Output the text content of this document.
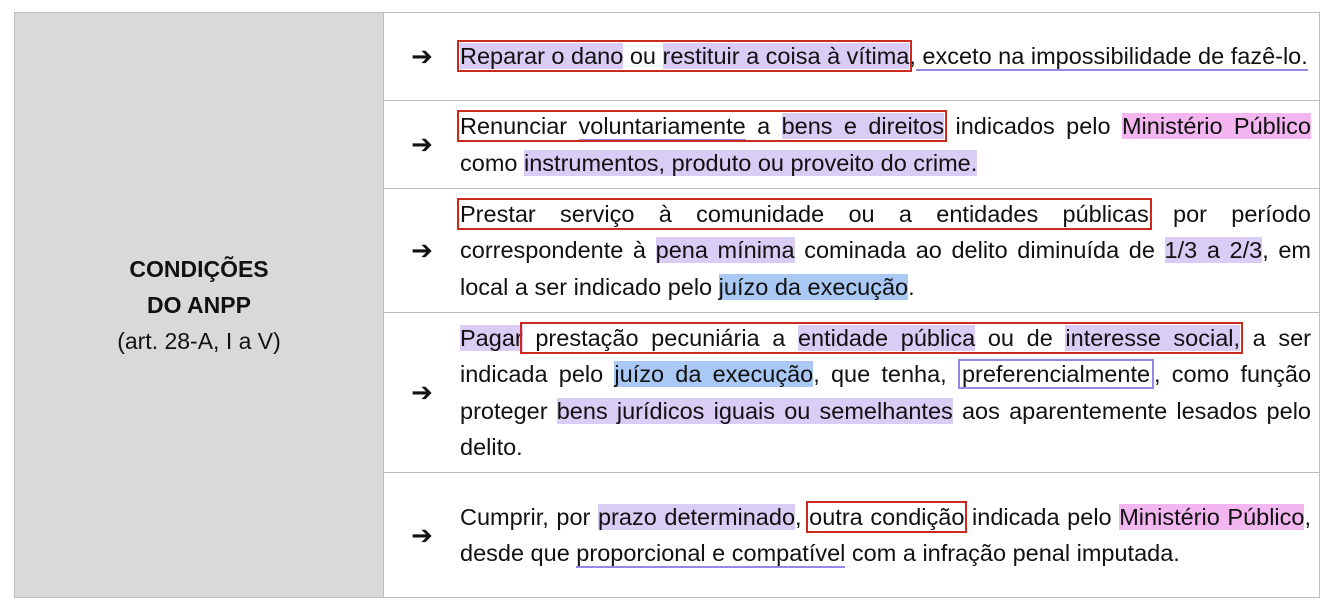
CONDIÇÕES
DO ANPP
(art. 28-A, I a V)
➔	Reparar o dano ou restituir a coisa à vítima, exceto na impossibilidade de fazê-lo.
➔
Renunciar voluntariamente a bens e direitos indicados pelo Ministério Público como instrumentos, produto ou proveito do crime.
➔
Prestar serviço à comunidade ou a entidades públicas por período correspondente à pena mínima cominada ao delito diminuída de 1/3 a 2/3, em local a ser indicado pelo juízo da execução.
➔
Pagar prestação pecuniária a entidade pública ou de interesse social, a ser indicada pelo juízo da execução, que tenha, preferencialmente , como função proteger bens jurídicos iguais ou semelhantes aos aparentemente lesados pelo delito.
➔
Cumprir, por prazo determinado, outra condição indicada pelo Ministério Público, desde que proporcional e compatível com a infração penal imputada.
